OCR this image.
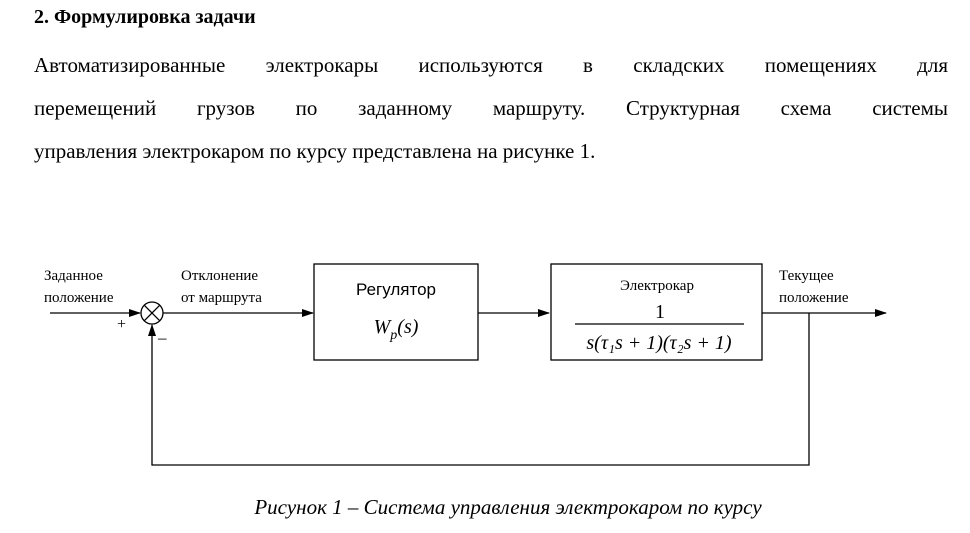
2. Формулировка задачи
Автоматизированные электрокары используются в складских помещениях для
перемещений грузов по заданному маршруту. Структурная схема системы
управления электрокаром по курсу представлена на рисунке 1.
Заданное
положение
+
–
Отклонение
от маршрута	Регулятор
$W_p(s)$
Электрокар
1
s(τ₁s + 1)(τ₂s + 1)
Текущее
положение

Рисунок 1 – Система управления электрокаром по курсу
